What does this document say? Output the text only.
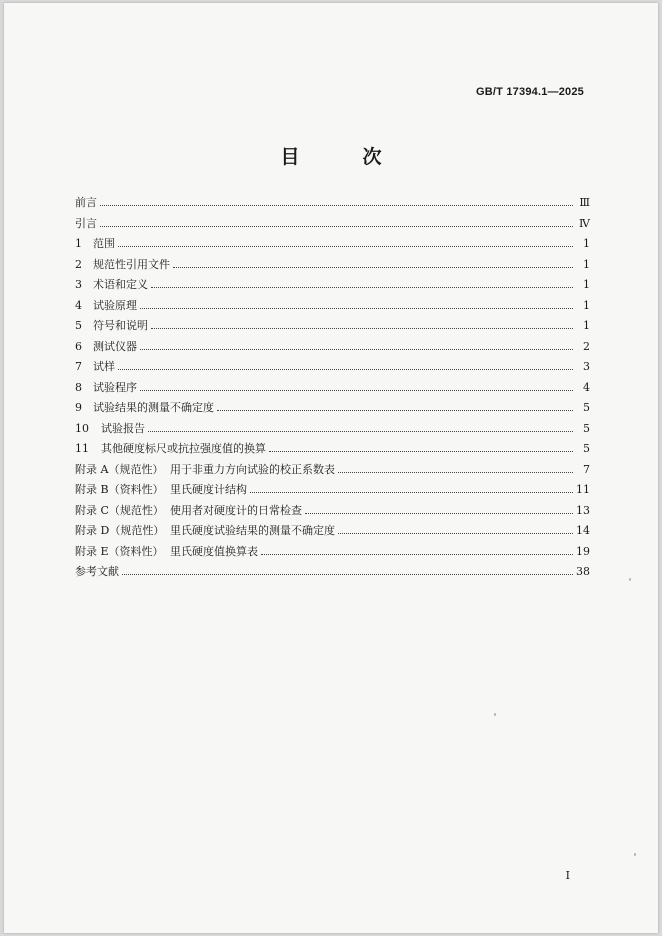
GB/T 17394.1—2025
目　次
前言	Ⅲ
引言	Ⅳ
1 范围	1
2 规范性引用文件	1
3 术语和定义	1
4 试验原理	1
5 符号和说明	1
6 测试仪器	2
7 试样	3
8 试验程序	4
9 试验结果的测量不确定度	5
10 试验报告	5
11 其他硬度标尺或抗拉强度值的换算	5
附录 A（规范性） 用于非重力方向试验的校正系数表	7
附录 B（资料性） 里氏硬度计结构	11
附录 C（规范性） 使用者对硬度计的日常检查	13
附录 D（规范性） 里氏硬度试验结果的测量不确定度	14
附录 E（资料性） 里氏硬度值换算表	19
参考文献	38
I
